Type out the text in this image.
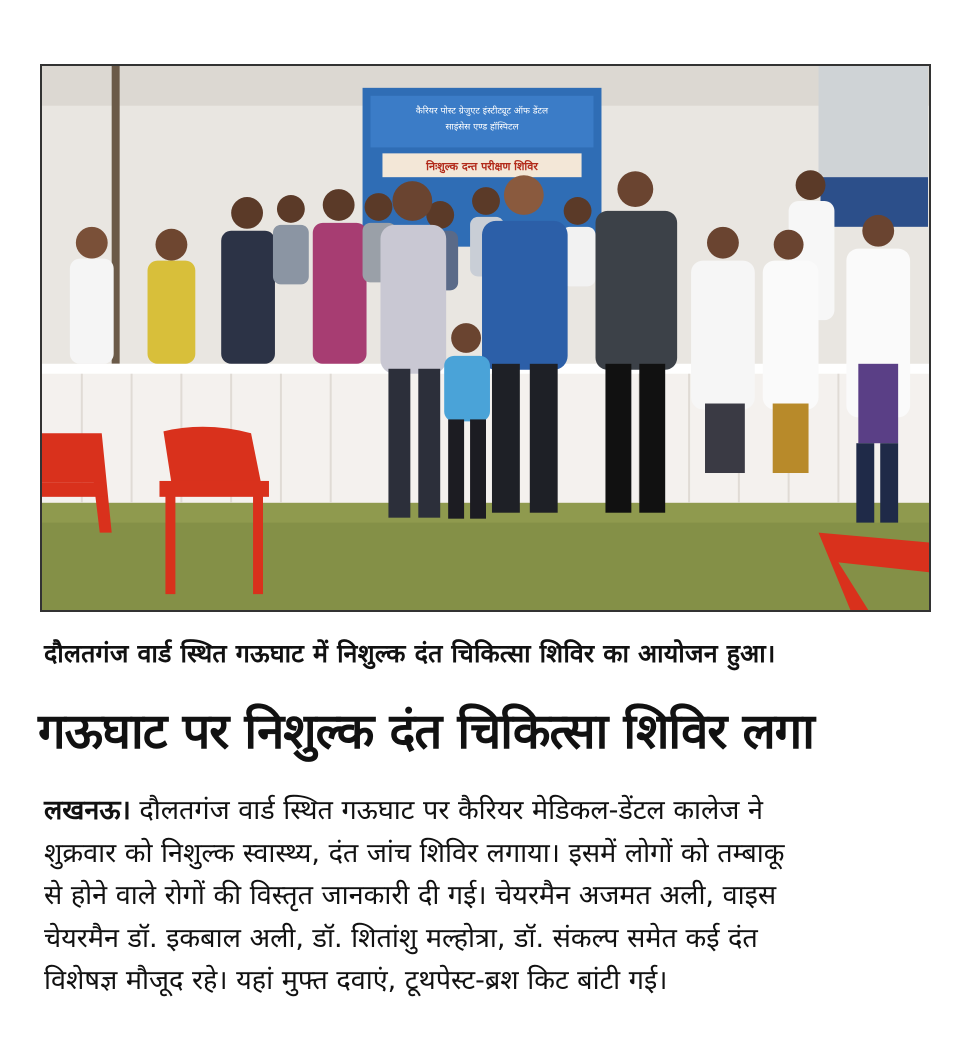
कैरियर पोस्ट ग्रेजुएट इंस्टीट्यूट ऑफ डेंटल
साइंसेस एण्ड हॉस्पिटल
निःशुल्क दन्त परीक्षण शिविर
दौलतगंज वार्ड स्थित गऊघाट में निशुल्क दंत चिकित्सा शिविर का आयोजन हुआ।
गऊघाट पर निशुल्क दंत चिकित्सा शिविर लगा
लखनऊ। दौलतगंज वार्ड स्थित गऊघाट पर कैरियर मेडिकल-डेंटल कालेज ने
शुक्रवार को निशुल्क स्वास्थ्य, दंत जांच शिविर लगाया। इसमें लोगों को तम्बाकू
से होने वाले रोगों की विस्तृत जानकारी दी गई। चेयरमैन अजमत अली, वाइस
चेयरमैन डॉ. इकबाल अली, डॉ. शितांशु मल्होत्रा, डॉ. संकल्प समेत कई दंत
विशेषज्ञ मौजूद रहे। यहां मुफ्त दवाएं, टूथपेस्ट-ब्रश किट बांटी गई।
